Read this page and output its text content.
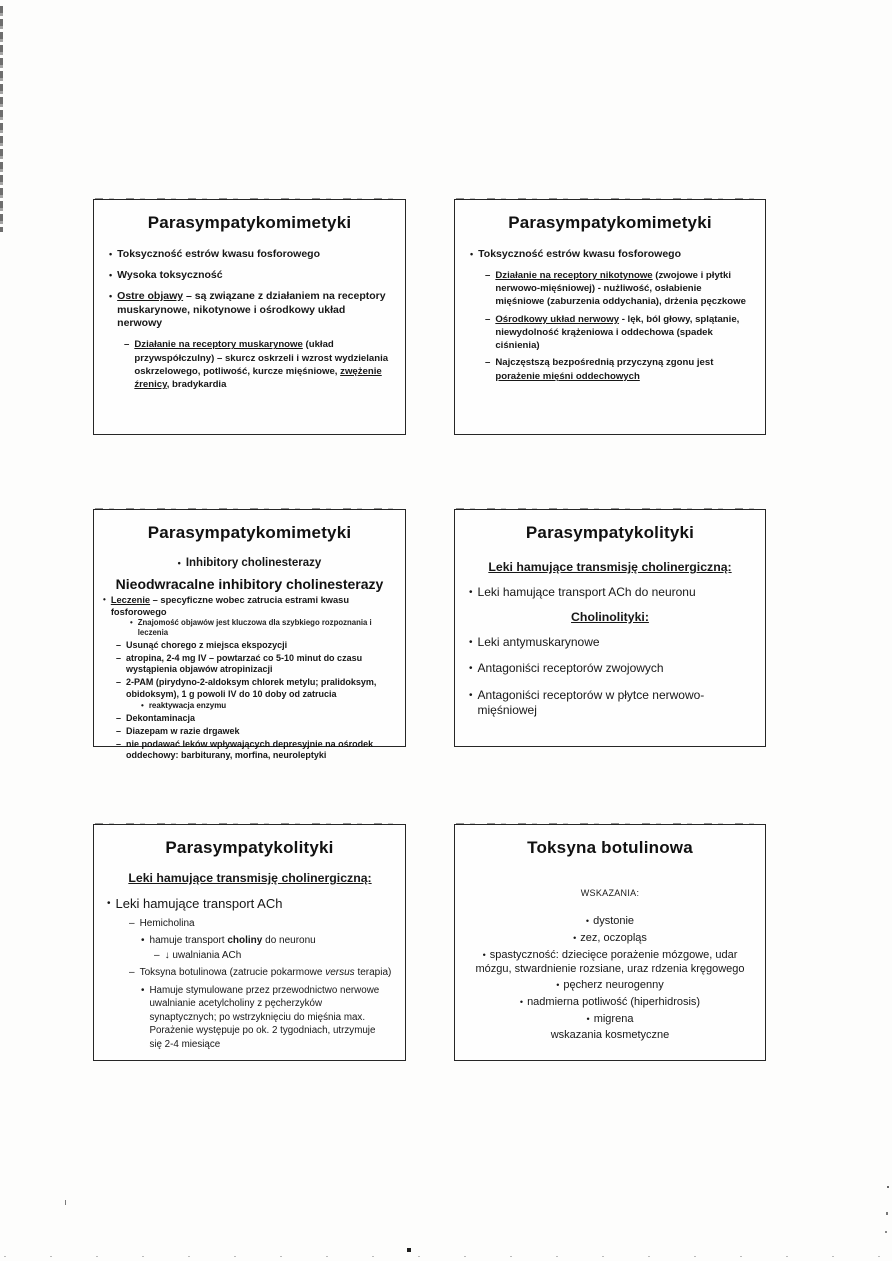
Parasympatykomimetyki
• Toksyczność estrów kwasu fosforowego
• Wysoka toksyczność
• Ostre objawy – są związane z działaniem na receptory muskarynowe, nikotynowe i ośrodkowy układ nerwowy
– Działanie na receptory muskarynowe (układ przywspółczulny) – skurcz oskrzeli i wzrost wydzielania oskrzelowego, potliwość, kurcze mięśniowe, zwężenie źrenicy, bradykardia
Parasympatykomimetyki
• Toksyczność estrów kwasu fosforowego
– Działanie na receptory nikotynowe (zwojowe i płytki nerwowo-mięśniowej) - nużliwość, osłabienie mięśniowe (zaburzenia oddychania), drżenia pęczkowe
– Ośrodkowy układ nerwowy - lęk, ból głowy, splątanie, niewydolność krążeniowa i oddechowa (spadek ciśnienia)
– Najczęstszą bezpośrednią przyczyną zgonu jest porażenie mięśni oddechowych
Parasympatykomimetyki
• Inhibitory cholinesterazy
Nieodwracalne inhibitory cholinesterazy
• Leczenie – specyficzne wobec zatrucia estrami kwasu fosforowego
• Znajomość objawów jest kluczowa dla szybkiego rozpoznania i leczenia
– Usunąć chorego z miejsca ekspozycji
– atropina, 2-4 mg IV – powtarzać co 5-10 minut do czasu wystąpienia objawów atropinizacji
– 2-PAM (pirydyno-2-aldoksym chlorek metylu; pralidoksym, obidoksym), 1 g powoli IV do 10 doby od zatrucia
• reaktywacja enzymu
– Dekontaminacja
– Diazepam w razie drgawek
– nie podawać leków wpływających depresyjnie na ośrodek oddechowy: barbiturany, morfina, neuroleptyki
Parasympatykolityki
Leki hamujące transmisję cholinergiczną:
• Leki hamujące transport ACh do neuronu
Cholinolityki:
• Leki antymuskarynowe
• Antagoniści receptorów zwojowych
• Antagoniści receptorów w płytce nerwowo-mięśniowej
Parasympatykolityki
Leki hamujące transmisję cholinergiczną:
• Leki hamujące transport ACh
– Hemicholina
• hamuje transport choliny do neuronu
– ↓ uwalniania ACh
– Toksyna botulinowa (zatrucie pokarmowe versus terapia)
• Hamuje stymulowane przez przewodnictwo nerwowe uwalnianie acetylcholiny z pęcherzyków synaptycznych; po wstrzyknięciu do mięśnia max. Porażenie występuje po ok. 2 tygodniach, utrzymuje się 2-4 miesiące
Toksyna botulinowa
WSKAZANIA:
• dystonie
• zez, oczopląs
• spastyczność: dziecięce porażenie mózgowe, udar mózgu, stwardnienie rozsiane, uraz rdzenia kręgowego
• pęcherz neurogenny
• nadmierna potliwość (hiperhidrosis)
• migrena
wskazania kosmetyczne
